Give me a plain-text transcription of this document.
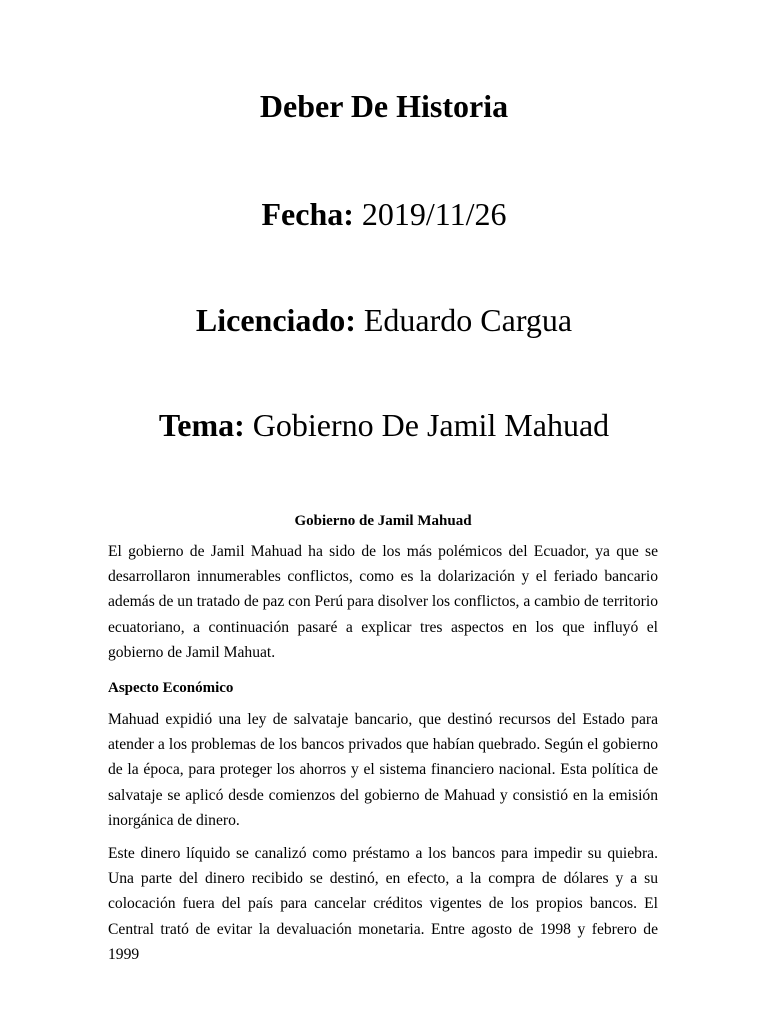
Deber De Historia
Fecha: 2019/11/26
Licenciado: Eduardo Cargua
Tema: Gobierno De Jamil Mahuad
Gobierno de Jamil Mahuad
El gobierno de Jamil Mahuad ha sido de los más polémicos del Ecuador, ya que se desarrollaron innumerables conflictos, como es la dolarización y el feriado bancario además de un tratado de paz con Perú para disolver los conflictos, a cambio de territorio ecuatoriano, a continuación pasaré a explicar tres aspectos en los que influyó el gobierno de Jamil Mahuat.
Aspecto Económico
Mahuad expidió una ley de salvataje bancario, que destinó recursos del Estado para atender a los problemas de los bancos privados que habían quebrado. Según el gobierno de la época, para proteger los ahorros y el sistema financiero nacional. Esta política de salvataje se aplicó desde comienzos del gobierno de Mahuad y consistió en la emisión inorgánica de dinero.
Este dinero líquido se canalizó como préstamo a los bancos para impedir su quiebra. Una parte del dinero recibido se destinó, en efecto, a la compra de dólares y a su colocación fuera del país para cancelar créditos vigentes de los propios bancos. El Central trató de evitar la devaluación monetaria. Entre agosto de 1998 y febrero de 1999
